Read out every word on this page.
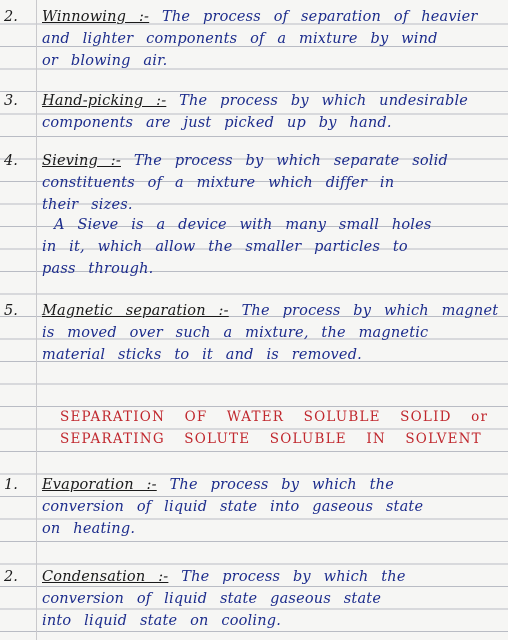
2. Winnowing :- The process of separation of heavier
and lighter components of a mixture by wind
or blowing air.
3. Hand-picking :- The process by which undesirable
components are just picked up by hand.
4. Sieving :- The process by which separate solid
constituents of a mixture which differ in
their sizes.
A Sieve is a device with many small holes
in it, which allow the smaller particles to
pass through.
5. Magnetic separation :- The process by which magnet
is moved over such a mixture, the magnetic
material sticks to it and is removed.
SEPARATION OF WATER SOLUBLE SOLID or
SEPARATING SOLUTE SOLUBLE IN SOLVENT
1. Evaporation :- The process by which the
conversion of liquid state into gaseous state
on heating.
2. Condensation :- The process by which the
conversion of liquid state gaseous state
into liquid state on cooling.
